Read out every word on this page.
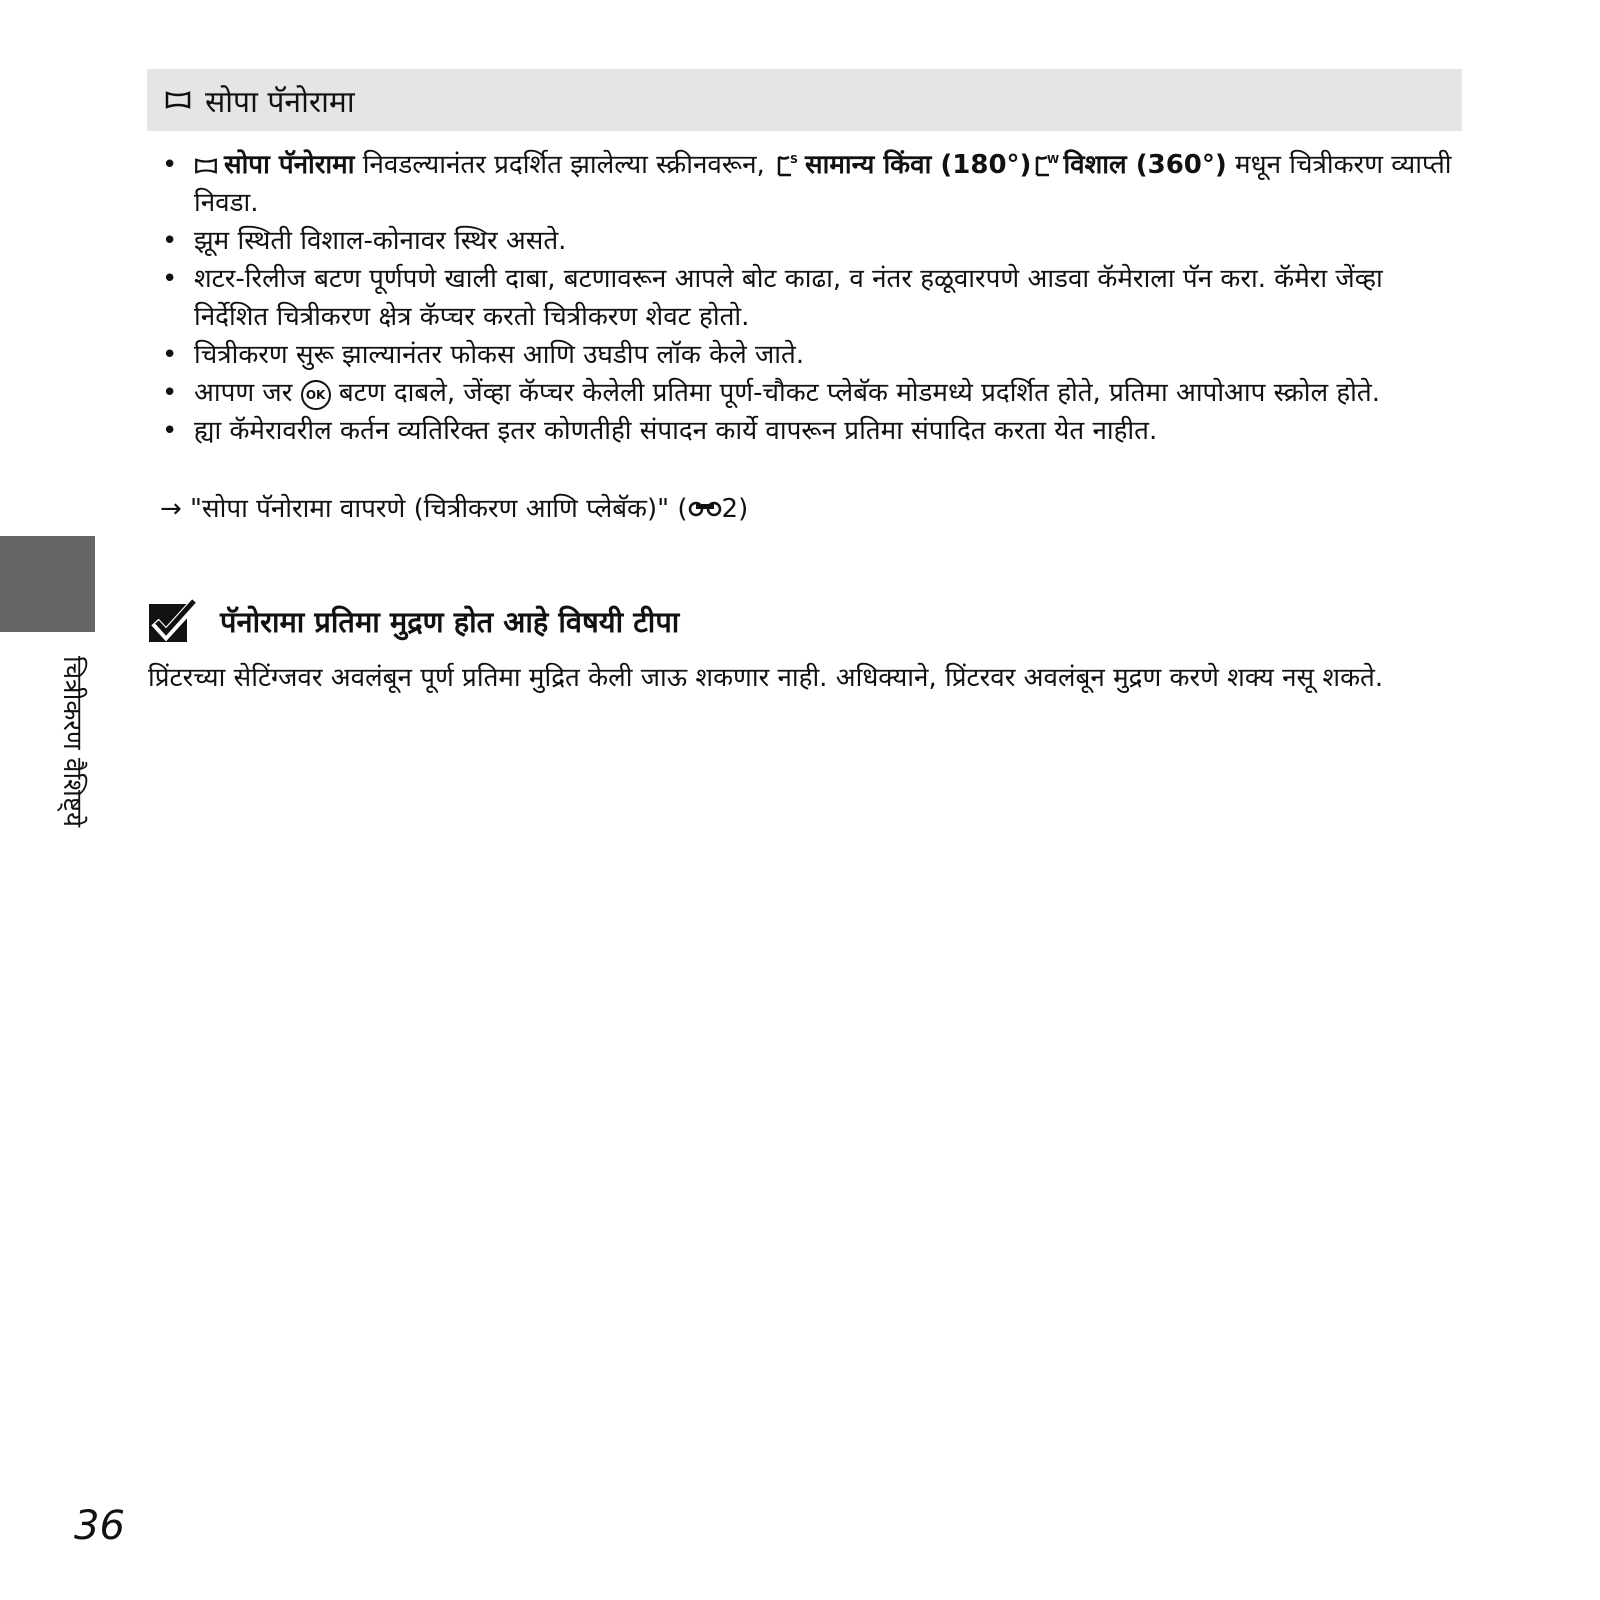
सोपा पॅनोरामा
• सोपा पॅनोरामा निवडल्यानंतर प्रदर्शित झालेल्या स्क्रीनवरून, S सामान्य किंवा (180°) W विशाल (360°) मधून चित्रीकरण व्याप्ती निवडा.
• झूम स्थिती विशाल-कोनावर स्थिर असते.
• शटर-रिलीज बटण पूर्णपणे खाली दाबा, बटणावरून आपले बोट काढा, व नंतर हळूवारपणे आडवा कॅमेराला पॅन करा. कॅमेरा जेंव्हा निर्देशित चित्रीकरण क्षेत्र कॅप्चर करतो चित्रीकरण शेवट होतो.
• चित्रीकरण सुरू झाल्यानंतर फोकस आणि उघडीप लॉक केले जाते.
• आपण जर OK बटण दाबले, जेंव्हा कॅप्चर केलेली प्रतिमा पूर्ण-चौकट प्लेबॅक मोडमध्ये प्रदर्शित होते, प्रतिमा आपोआप स्क्रोल होते.
• ह्या कॅमेरावरील कर्तन व्यतिरिक्त इतर कोणतीही संपादन कार्ये वापरून प्रतिमा संपादित करता येत नाहीत.
→ "सोपा पॅनोरामा वापरणे (चित्रीकरण आणि प्लेबॅक)" ( 2)
चित्रीकरण वैशिष्ट्ये
पॅनोरामा प्रतिमा मुद्रण होत आहे विषयी टीपा
प्रिंटरच्या सेटिंग्जवर अवलंबून पूर्ण प्रतिमा मुद्रित केली जाऊ शकणार नाही. अधिक्याने, प्रिंटरवर अवलंबून मुद्रण करणे शक्य नसू शकते.
36
